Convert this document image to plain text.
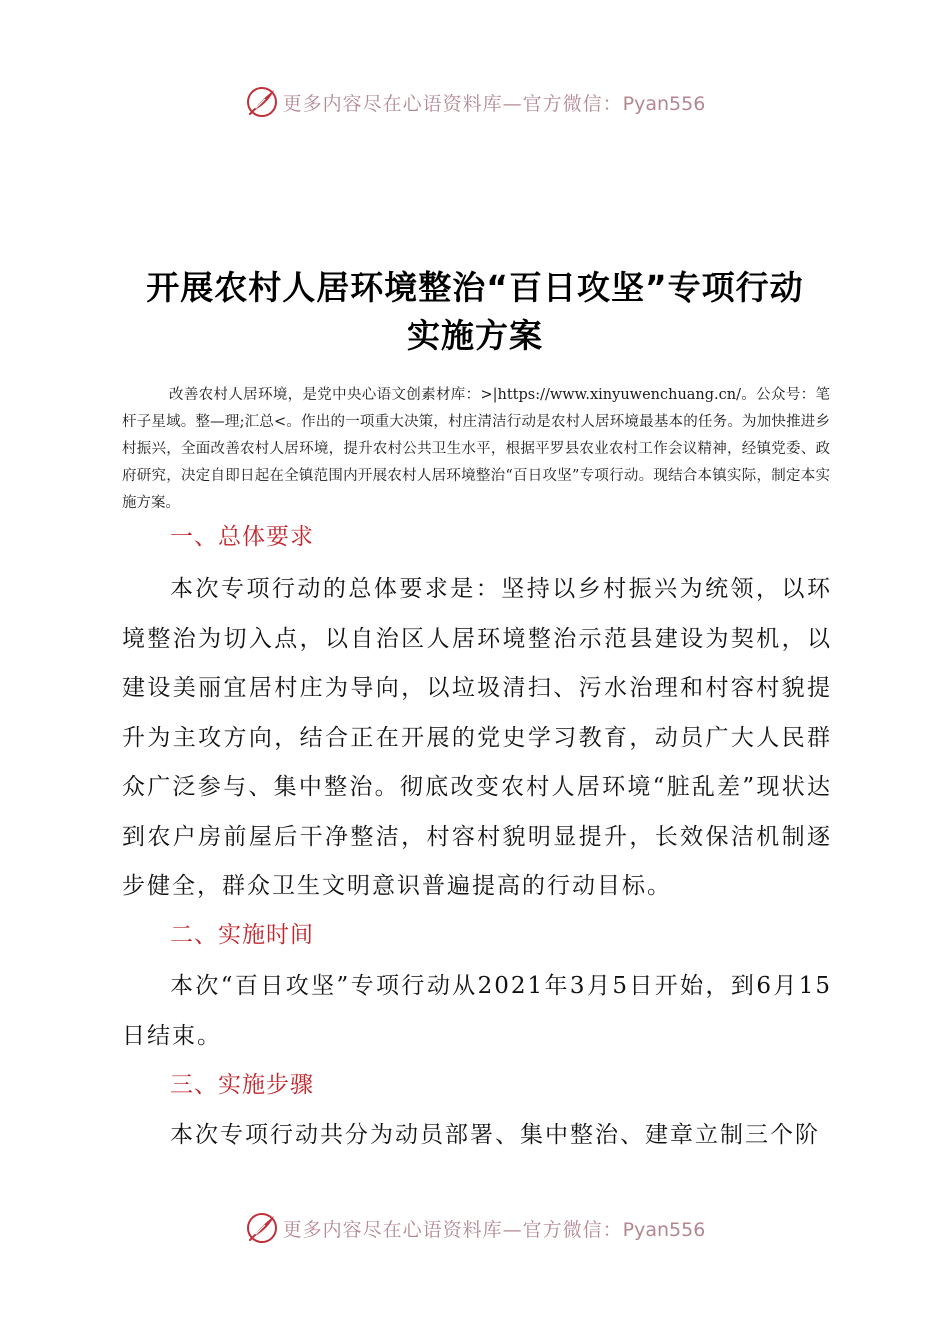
更多内容尽在心语资料库—官方微信：Pyan556
开展农村人居环境整治“百日攻坚”专项行动
实施方案
改善农村人居环境，是党中央心语文创素材库：>|https://www.xinyuwenchuang.cn/。公众号：笔杆子星域。整—理;汇总<。作出的一项重大决策，村庄清洁行动是农村人居环境最基本的任务。为加快推进乡村振兴，全面改善农村人居环境，提升农村公共卫生水平，根据平罗县农业农村工作会议精神，经镇党委、政府研究，决定自即日起在全镇范围内开展农村人居环境整治“百日攻坚”专项行动。现结合本镇实际，制定本实施方案。
一、总体要求
本次专项行动的总体要求是：坚持以乡村振兴为统领，以环境整治为切入点，以自治区人居环境整治示范县建设为契机，以建设美丽宜居村庄为导向，以垃圾清扫、污水治理和村容村貌提升为主攻方向，结合正在开展的党史学习教育，动员广大人民群众广泛参与、集中整治。彻底改变农村人居环境“脏乱差”现状达到农户房前屋后干净整洁，村容村貌明显提升，长效保洁机制逐步健全，群众卫生文明意识普遍提高的行动目标。
二、实施时间
本次“百日攻坚”专项行动从2021年3月5日开始，到6月15日结束。
三、实施步骤
本次专项行动共分为动员部署、集中整治、建章立制三个阶
更多内容尽在心语资料库—官方微信：Pyan556
